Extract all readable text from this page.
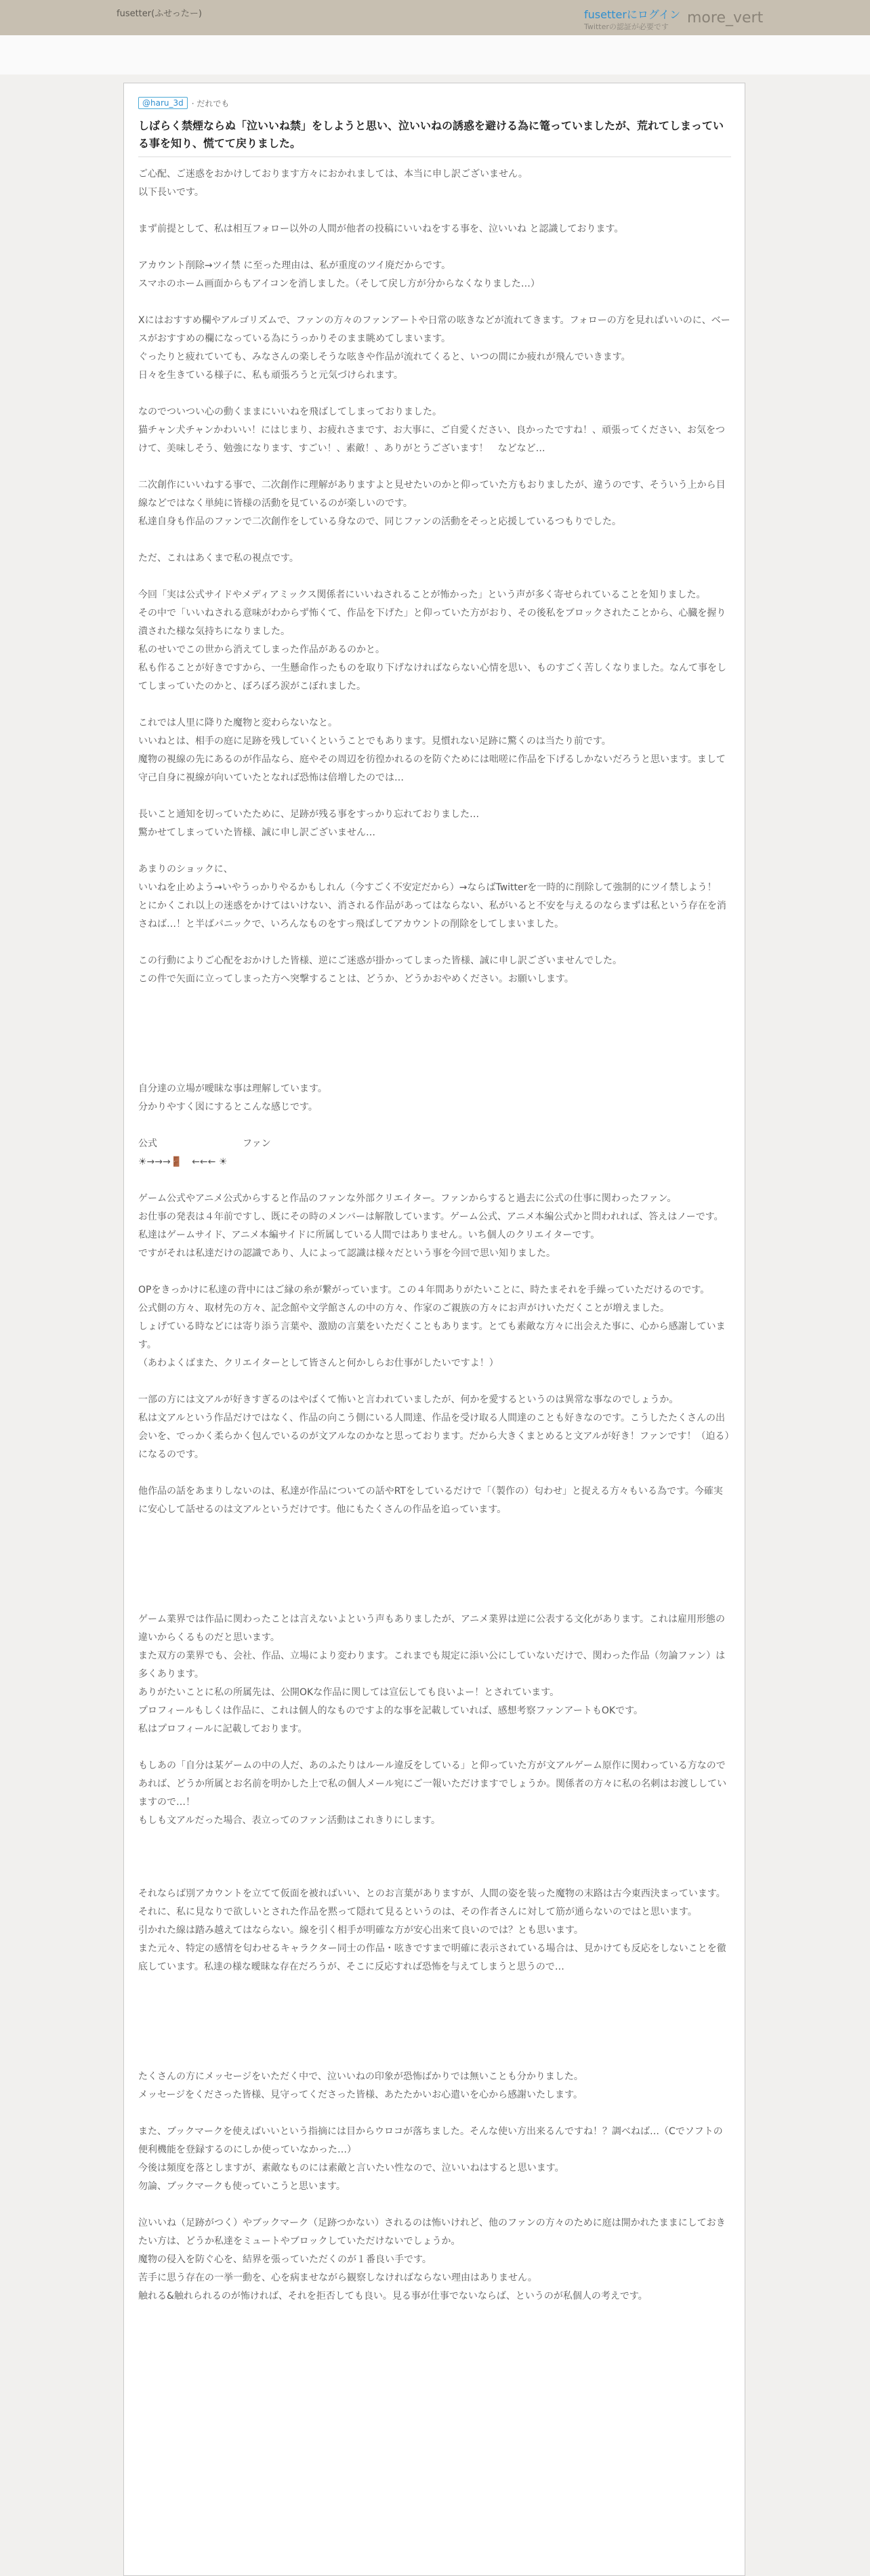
fusetter(ふせったー)	fusetterにログイン
Twitterの認証が必要です
more_vert
@haru_3d	· だれでも
しばらく禁煙ならぬ「泣いいね禁」をしようと思い、泣いいねの誘惑を避ける為に篭っていましたが、荒れてしまっている事を知り、慌てて戻りました。
ご心配、ご迷惑をおかけしております方々におかれましては、本当に申し訳ございません。
以下長いです。
まず前提として、私は相互フォロー以外の人間が他者の投稿にいいねをする事を、泣いいね と認識しております。
アカウント削除→ツイ禁 に至った理由は、私が重度のツイ廃だからです。
スマホのホーム画面からもアイコンを消しました。（そして戻し方が分からなくなりました…）
Xにはおすすめ欄やアルゴリズムで、ファンの方々のファンアートや日常の呟きなどが流れてきます。フォローの方を見ればいいのに、ベースがおすすめの欄になっている為にうっかりそのまま眺めてしまいます。
ぐったりと疲れていても、みなさんの楽しそうな呟きや作品が流れてくると、いつの間にか疲れが飛んでいきます。
日々を生きている様子に、私も頑張ろうと元気づけられます。
なのでついつい心の動くままにいいねを飛ばしてしまっておりました。
猫チャン犬チャンかわいい！にはじまり、お疲れさまです、お大事に、ご自愛ください、良かったですね！、頑張ってください、お気をつけて、美味しそう、勉強になります、すごい！、素敵！、ありがとうございます！　などなど…
二次創作にいいねする事で、二次創作に理解がありますよと見せたいのかと仰っていた方もおりましたが、違うのです、そういう上から目線などではなく単純に皆様の活動を見ているのが楽しいのです。
私達自身も作品のファンで二次創作をしている身なので、同じファンの活動をそっと応援しているつもりでした。
ただ、これはあくまで私の視点です。
今回「実は公式サイドやメディアミックス関係者にいいねされることが怖かった」という声が多く寄せられていることを知りました。
その中で「いいねされる意味がわからず怖くて、作品を下げた」と仰っていた方がおり、その後私をブロックされたことから、心臓を握り潰された様な気持ちになりました。
私のせいでこの世から消えてしまった作品があるのかと。
私も作ることが好きですから、一生懸命作ったものを取り下げなければならない心情を思い、ものすごく苦しくなりました。なんて事をしてしまっていたのかと、ぼろぼろ涙がこぼれました。
これでは人里に降りた魔物と変わらないなと。
いいねとは、相手の庭に足跡を残していくということでもあります。見慣れない足跡に驚くのは当たり前です。
魔物の視線の先にあるのが作品なら、庭やその周辺を彷徨かれるのを防ぐためには咄嗟に作品を下げるしかないだろうと思います。まして守己自身に視線が向いていたとなれば恐怖は倍増したのでは…
長いこと通知を切っていたために、足跡が残る事をすっかり忘れておりました…
驚かせてしまっていた皆様、誠に申し訳ございません…
あまりのショックに、
いいねを止めよう→いやうっかりやるかもしれん（今すごく不安定だから）→ならばTwitterを一時的に削除して強制的にツイ禁しよう！
とにかくこれ以上の迷惑をかけてはいけない、消される作品があってはならない、私がいると不安を与えるのならまずは私という存在を消さねば…！と半ばパニックで、いろんなものをすっ飛ばしてアカウントの削除をしてしまいました。
この行動によりご心配をおかけした皆様、逆にご迷惑が掛かってしまった皆様、誠に申し訳ございませんでした。
この件で矢面に立ってしまった方へ突撃することは、どうか、どうかおやめください。お願いします。
自分達の立場が曖昧な事は理解しています。
分かりやすく図にするとこんな感じです。
公式　　　　　　　　　ファン
☀→→→🚪　←←← ☀
ゲーム公式やアニメ公式からすると作品のファンな外部クリエイター。ファンからすると過去に公式の仕事に関わったファン。
お仕事の発表は４年前ですし、既にその時のメンバーは解散しています。ゲーム公式、アニメ本編公式かと問われれば、答えはノーです。
私達はゲームサイド、アニメ本編サイドに所属している人間ではありません。いち個人のクリエイターです。
ですがそれは私達だけの認識であり、人によって認識は様々だという事を今回で思い知りました。
OPをきっかけに私達の背中にはご縁の糸が繋がっています。この４年間ありがたいことに、時たまそれを手繰っていただけるのです。
公式側の方々、取材先の方々、記念館や文学館さんの中の方々、作家のご親族の方々にお声がけいただくことが増えました。
しょげている時などには寄り添う言葉や、激励の言葉をいただくこともあります。とても素敵な方々に出会えた事に、心から感謝しています。
（あわよくばまた、クリエイターとして皆さんと何かしらお仕事がしたいですよ！）
一部の方には文アルが好きすぎるのはやばくて怖いと言われていましたが、何かを愛するというのは異常な事なのでしょうか。
私は文アルという作品だけではなく、作品の向こう側にいる人間達、作品を受け取る人間達のことも好きなのです。こうしたたくさんの出会いを、でっかく柔らかく包んでいるのが文アルなのかなと思っております。だから大きくまとめると文アルが好き！ファンです！（迫る）になるのです。
他作品の話をあまりしないのは、私達が作品についての話やRTをしているだけで「（製作の）匂わせ」と捉える方々もいる為です。今確実に安心して話せるのは文アルというだけです。他にもたくさんの作品を追っています。
ゲーム業界では作品に関わったことは言えないよという声もありましたが、アニメ業界は逆に公表する文化があります。これは雇用形態の違いからくるものだと思います。
また双方の業界でも、会社、作品、立場により変わります。これまでも規定に添い公にしていないだけで、関わった作品（勿論ファン）は多くあります。
ありがたいことに私の所属先は、公開OKな作品に関しては宣伝しても良いよー！とされています。
プロフィールもしくは作品に、これは個人的なものですよ的な事を記載していれば、感想考察ファンアートもOKです。
私はプロフィールに記載しております。
もしあの「自分は某ゲームの中の人だ、あのふたりはルール違反をしている」と仰っていた方が文アルゲーム原作に関わっている方なのであれば、どうか所属とお名前を明かした上で私の個人メール宛にご一報いただけますでしょうか。関係者の方々に私の名刺はお渡ししていますので…！
もしも文アルだった場合、表立ってのファン活動はこれきりにします。
それならば別アカウントを立てて仮面を被ればいい、とのお言葉がありますが、人間の姿を装った魔物の末路は古今東西決まっています。
それに、私に見なりで欲しいとされた作品を黙って隠れて見るというのは、その作者さんに対して筋が通らないのではと思います。
引かれた線は踏み越えてはならない。線を引く相手が明確な方が安心出来て良いのでは？とも思います。
また元々、特定の感情を匂わせるキャラクター同士の作品・呟きですまで明確に表示されている場合は、見かけても反応をしないことを徹底しています。私達の様な曖昧な存在だろうが、そこに反応すれば恐怖を与えてしまうと思うので…
たくさんの方にメッセージをいただく中で、泣いいねの印象が恐怖ばかりでは無いことも分かりました。
メッセージをくださった皆様、見守ってくださった皆様、あたたかいお心遣いを心から感謝いたします。
また、ブックマークを使えばいいという指摘には目からウロコが落ちました。そんな使い方出来るんですね！？調べねば…（Cでソフトの便利機能を登録するのにしか使っていなかった…）
今後は頻度を落としますが、素敵なものには素敵と言いたい性なので、泣いいねはすると思います。
勿論、ブックマークも使っていこうと思います。
泣いいね（足跡がつく）やブックマーク（足跡つかない）されるのは怖いけれど、他のファンの方々のために庭は開かれたままにしておきたい方は、どうか私達をミュートやブロックしていただけないでしょうか。
魔物の侵入を防ぐ心を、結界を張っていただくのが１番良い手です。
苦手に思う存在の一挙一動を、心を病ませながら観察しなければならない理由はありません。
触れる&触れられるのが怖ければ、それを拒否しても良い。見る事が仕事でないならば、というのが私個人の考えです。
